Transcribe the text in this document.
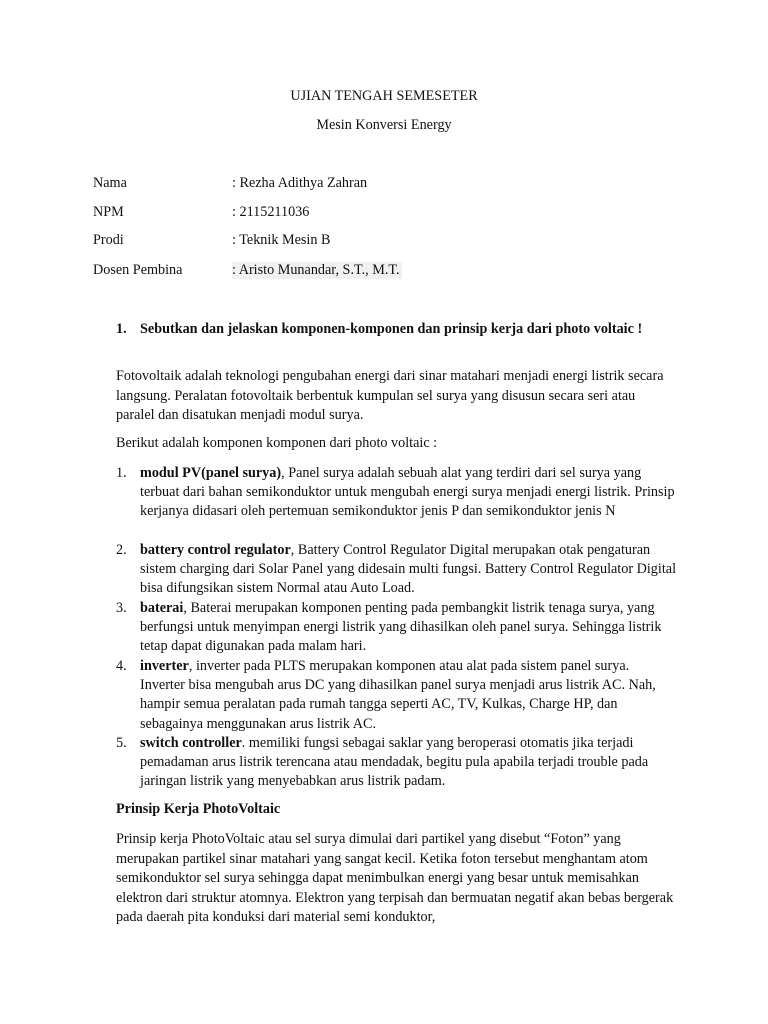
UJIAN TENGAH SEMESETER
Mesin Konversi Energy
Nama	: Rezha Adithya Zahran
NPM	: 2115211036
Prodi	: Teknik Mesin B
Dosen Pembina	: Aristo Munandar, S.T., M.T.
1. Sebutkan dan jelaskan komponen-komponen dan prinsip kerja dari photo voltaic !
Fotovoltaik adalah teknologi pengubahan energi dari sinar matahari menjadi energi listrik secara langsung. Peralatan fotovoltaik berbentuk kumpulan sel surya yang disusun secara seri atau paralel dan disatukan menjadi modul surya.
Berikut adalah komponen komponen dari photo voltaic :
1. modul PV(panel surya), Panel surya adalah sebuah alat yang terdiri dari sel surya yang terbuat dari bahan semikonduktor untuk mengubah energi surya menjadi energi listrik. Prinsip kerjanya didasari oleh pertemuan semikonduktor jenis P dan semikonduktor jenis N
2. battery control regulator, Battery Control Regulator Digital merupakan otak pengaturan sistem charging dari Solar Panel yang didesain multi fungsi. Battery Control Regulator Digital bisa difungsikan sistem Normal atau Auto Load.
3. baterai, Baterai merupakan komponen penting pada pembangkit listrik tenaga surya, yang berfungsi untuk menyimpan energi listrik yang dihasilkan oleh panel surya. Sehingga listrik tetap dapat digunakan pada malam hari.
4. inverter, inverter pada PLTS merupakan komponen atau alat pada sistem panel surya. Inverter bisa mengubah arus DC yang dihasilkan panel surya menjadi arus listrik AC. Nah, hampir semua peralatan pada rumah tangga seperti AC, TV, Kulkas, Charge HP, dan sebagainya menggunakan arus listrik AC.
5. switch controller. memiliki fungsi sebagai saklar yang beroperasi otomatis jika terjadi pemadaman arus listrik terencana atau mendadak, begitu pula apabila terjadi trouble pada jaringan listrik yang menyebabkan arus listrik padam.
Prinsip Kerja PhotoVoltaic
Prinsip kerja PhotoVoltaic atau sel surya dimulai dari partikel yang disebut “Foton” yang merupakan partikel sinar matahari yang sangat kecil. Ketika foton tersebut menghantam atom semikonduktor sel surya sehingga dapat menimbulkan energi yang besar untuk memisahkan elektron dari struktur atomnya. Elektron yang terpisah dan bermuatan negatif akan bebas bergerak pada daerah pita konduksi dari material semi konduktor,
